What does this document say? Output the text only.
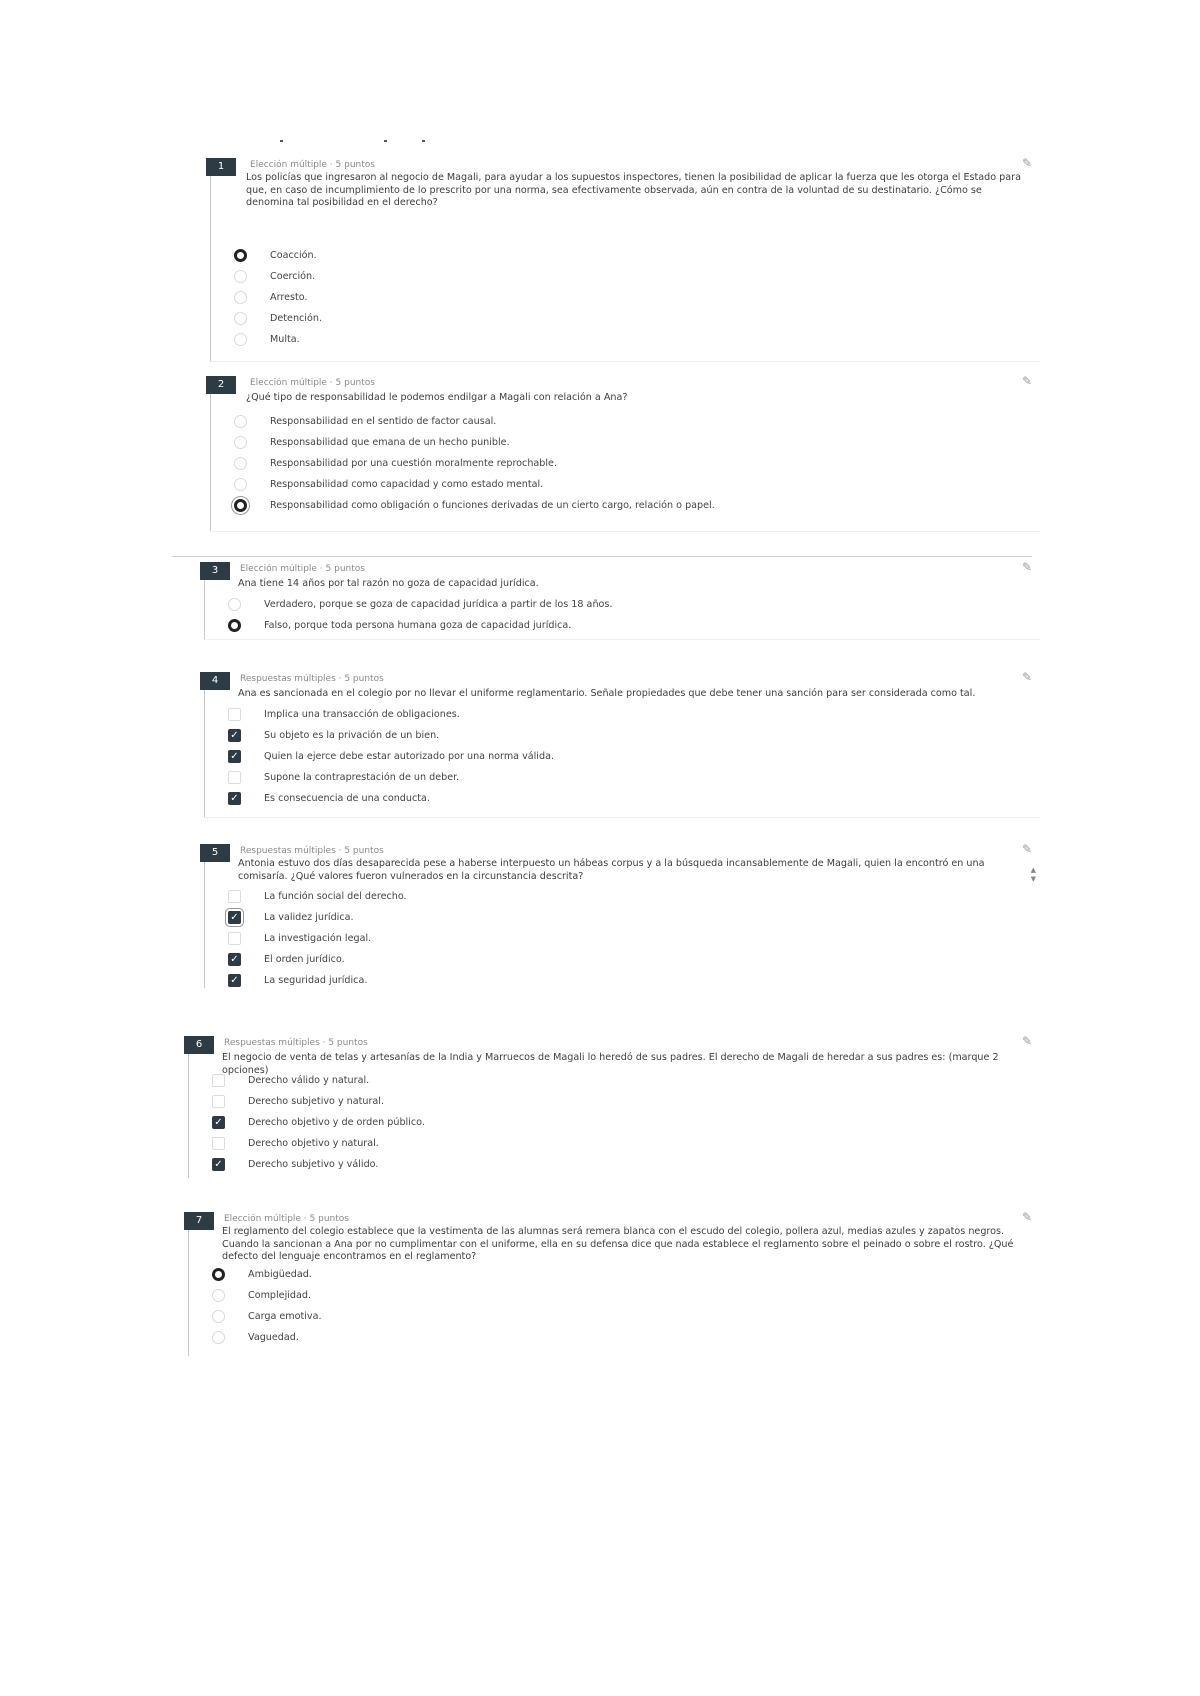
1	Elección múltiple · 5 puntos	✎
Los policías que ingresaron al negocio de Magali, para ayudar a los supuestos inspectores, tienen la posibilidad de aplicar la fuerza que les otorga el Estado para que, en caso de incumplimiento de lo prescrito por una norma, sea efectivamente observada, aún en contra de la voluntad de su destinatario. ¿Cómo se denomina tal posibilidad en el derecho?
Coacción.
Coerción.
Arresto.
Detención.
Multa.
2	Elección múltiple · 5 puntos	✎
¿Qué tipo de responsabilidad le podemos endilgar a Magali con relación a Ana?
Responsabilidad en el sentido de factor causal.
Responsabilidad que emana de un hecho punible.
Responsabilidad por una cuestión moralmente reprochable.
Responsabilidad como capacidad y como estado mental.
Responsabilidad como obligación o funciones derivadas de un cierto cargo, relación o papel.
3	Elección múltiple · 5 puntos	✎
Ana tiene 14 años por tal razón no goza de capacidad jurídica.
Verdadero, porque se goza de capacidad jurídica a partir de los 18 años.
Falso, porque toda persona humana goza de capacidad jurídica.
4	Respuestas múltiples · 5 puntos	✎
Ana es sancionada en el colegio por no llevar el uniforme reglamentario. Señale propiedades que debe tener una sanción para ser considerada como tal.
Implica una transacción de obligaciones.
✓	Su objeto es la privación de un bien.
✓	Quien la ejerce debe estar autorizado por una norma válida.
Supone la contraprestación de un deber.
✓	Es consecuencia de una conducta.
5	Respuestas múltiples · 5 puntos	✎
▲
▼
Antonia estuvo dos días desaparecida pese a haberse interpuesto un hábeas corpus y a la búsqueda incansablemente de Magali, quien la encontró en una comisaría. ¿Qué valores fueron vulnerados en la circunstancia descrita?
La función social del derecho.
✓	La validez jurídica.
La investigación legal.
✓	El orden jurídico.
✓	La seguridad jurídica.
6	Respuestas múltiples · 5 puntos	✎
El negocio de venta de telas y artesanías de la India y Marruecos de Magali lo heredó de sus padres. El derecho de Magali de heredar a sus padres es: (marque 2 opciones)
Derecho válido y natural.
Derecho subjetivo y natural.
✓	Derecho objetivo y de orden público.
Derecho objetivo y natural.
✓	Derecho subjetivo y válido.
7	Elección múltiple · 5 puntos	✎
El reglamento del colegio establece que la vestimenta de las alumnas será remera blanca con el escudo del colegio, pollera azul, medias azules y zapatos negros. Cuando la sancionan a Ana por no cumplimentar con el uniforme, ella en su defensa dice que nada establece el reglamento sobre el peinado o sobre el rostro. ¿Qué defecto del lenguaje encontramos en el reglamento?
Ambigüedad.
Complejidad.
Carga emotiva.
Vaguedad.
